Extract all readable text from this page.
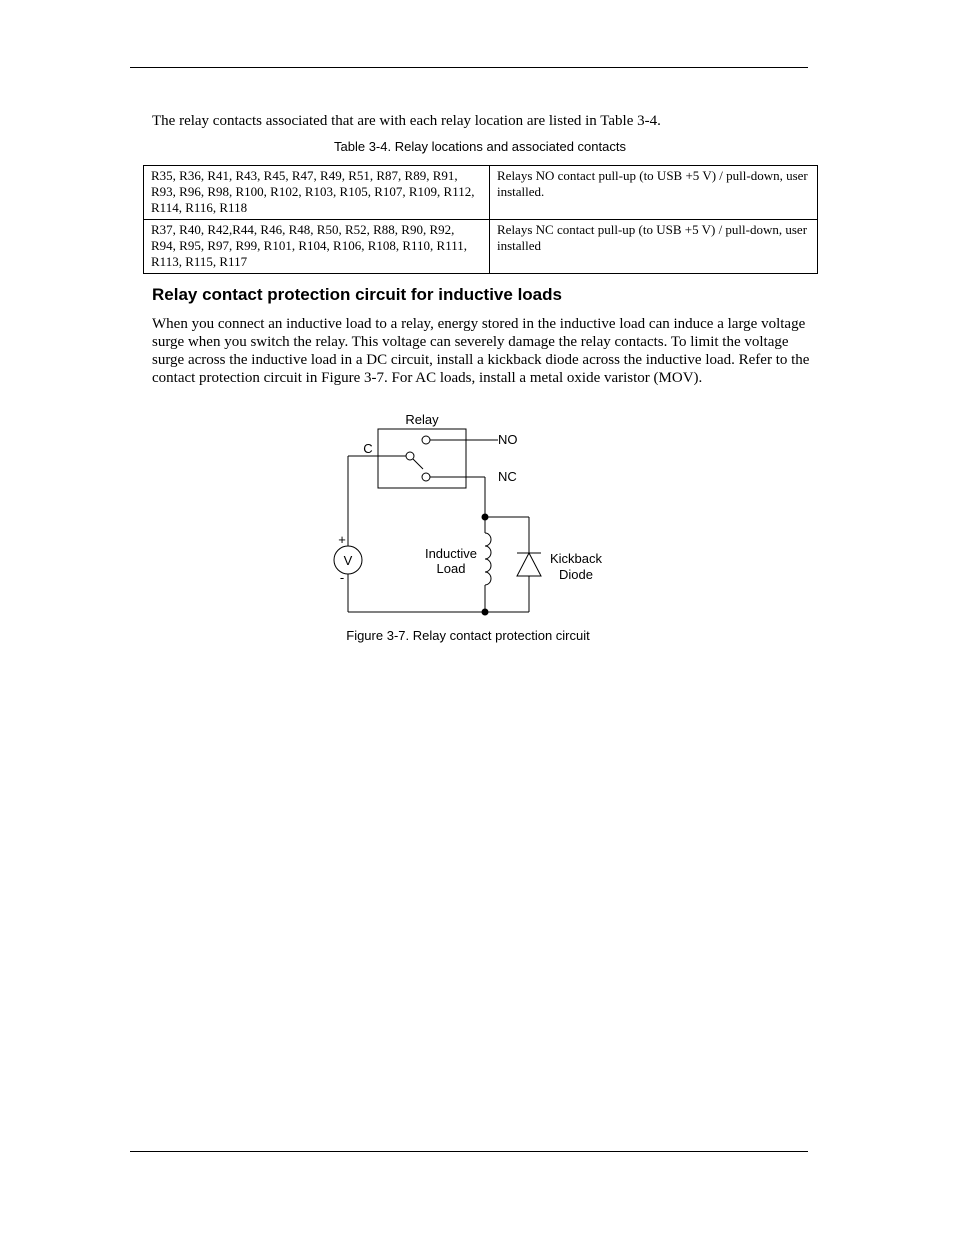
The relay contacts associated that are with each relay location are listed in Table 3-4.

Table 3-4. Relay locations and associated contacts

R35, R36, R41, R43, R45, R47, R49, R51, R87, R89, R91, R93, R96, R98, R100, R102, R103, R105, R107, R109, R112, R114, R116, R118	Relays NO contact pull-up (to USB +5 V) / pull-down, user installed.
R37, R40, R42,R44, R46, R48, R50, R52, R88, R90, R92, R94, R95, R97, R99, R101, R104, R106, R108, R110, R111, R113, R115, R117	Relays NC contact pull-up (to USB +5 V) / pull-down, user installed
Relay contact protection circuit for inductive loads

When you connect an inductive load to a relay, energy stored in the inductive load can induce a large voltage surge when you switch the relay. This voltage can severely damage the relay contacts. To limit the voltage surge across the inductive load in a DC circuit, install a kickback diode across the inductive load. Refer to the contact protection circuit in Figure 3-7. For AC loads, install a metal oxide varistor (MOV).

Relay
C
NO
NC
+
V
-
Inductive
Load
Kickback
Diode

Figure 3-7. Relay contact protection circuit
